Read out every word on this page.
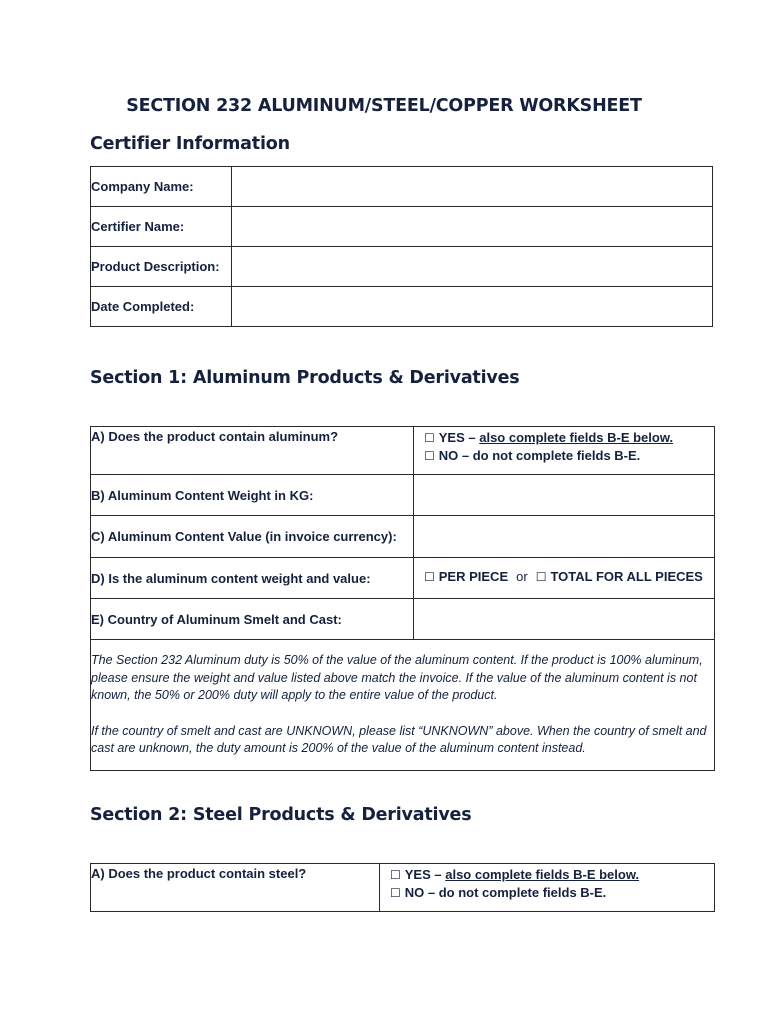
SECTION 232 ALUMINUM/STEEL/COPPER WORKSHEET
Certifier Information
Company Name:	
Certifier Name:	
Product Description:	
Date Completed:	
Section 1: Aluminum Products & Derivatives
A) Does the product contain aluminum?	☐ YES – also complete fields B-E below.
☐ NO – do not complete fields B-E.

B) Aluminum Content Weight in KG:	
C) Aluminum Content Value (in invoice currency):	
D) Is the aluminum content weight and value:	☐ PER PIECE or ☐ TOTAL FOR ALL PIECES
E) Country of Aluminum Smelt and Cast:	

The Section 232 Aluminum duty is 50% of the value of the aluminum content. If the product is 100% aluminum, please ensure the weight and value listed above match the invoice. If the value of the aluminum content is not known, the 50% or 200% duty will apply to the entire value of the product.

If the country of smelt and cast are UNKNOWN, please list “UNKNOWN” above. When the country of smelt and cast are unknown, the duty amount is 200% of the value of the aluminum content instead.	

Section 2: Steel Products & Derivatives
A) Does the product contain steel?	☐ YES – also complete fields B-E below.
☐ NO – do not complete fields B-E.
